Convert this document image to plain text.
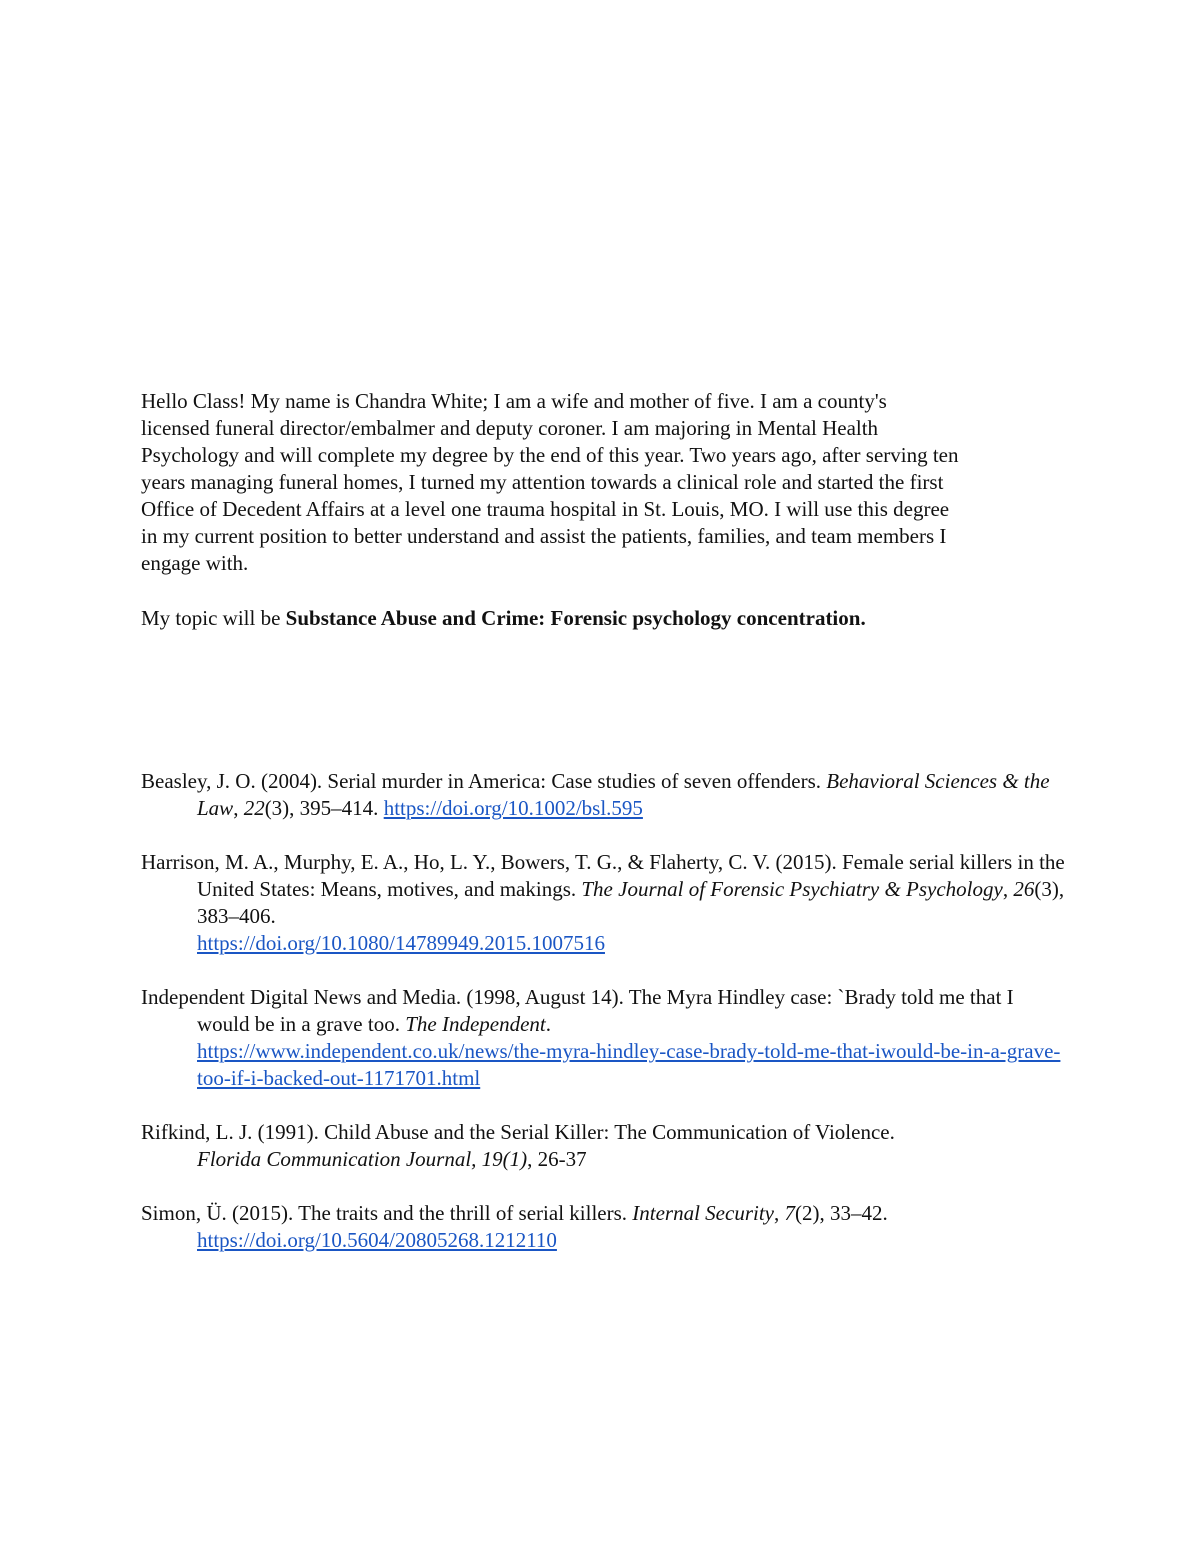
Hello Class! My name is Chandra White; I am a wife and mother of five. I am a county's
licensed funeral director/embalmer and deputy coroner. I am majoring in Mental Health
Psychology and will complete my degree by the end of this year. Two years ago, after serving ten
years managing funeral homes, I turned my attention towards a clinical role and started the first
Office of Decedent Affairs at a level one trauma hospital in St. Louis, MO. I will use this degree
in my current position to better understand and assist the patients, families, and team members I
engage with.

My topic will be Substance Abuse and Crime: Forensic psychology concentration.

Beasley, J. O. (2004). Serial murder in America: Case studies of seven offenders. Behavioral Sciences & the Law, 22(3), 395–414. https://doi.org/10.1002/bsl.595

Harrison, M. A., Murphy, E. A., Ho, L. Y., Bowers, T. G., & Flaherty, C. V. (2015). Female serial killers in the United States: Means, motives, and makings. The Journal of Forensic Psychiatry & Psychology, 26(3), 383–406.
https://doi.org/10.1080/14789949.2015.1007516

Independent Digital News and Media. (1998, August 14). The Myra Hindley case: `Brady told me that I would be in a grave too. The Independent.
https://www.independent.co.uk/news/the-myra-hindley-case-brady-told-me-that-iwould-be-in-a-grave-too-if-i-backed-out-1171701.html

Rifkind, L. J. (1991). Child Abuse and the Serial Killer: The Communication of Violence.
Florida Communication Journal, 19(1), 26-37

Simon, Ü. (2015). The traits and the thrill of serial killers. Internal Security, 7(2), 33–42.
https://doi.org/10.5604/20805268.1212110
